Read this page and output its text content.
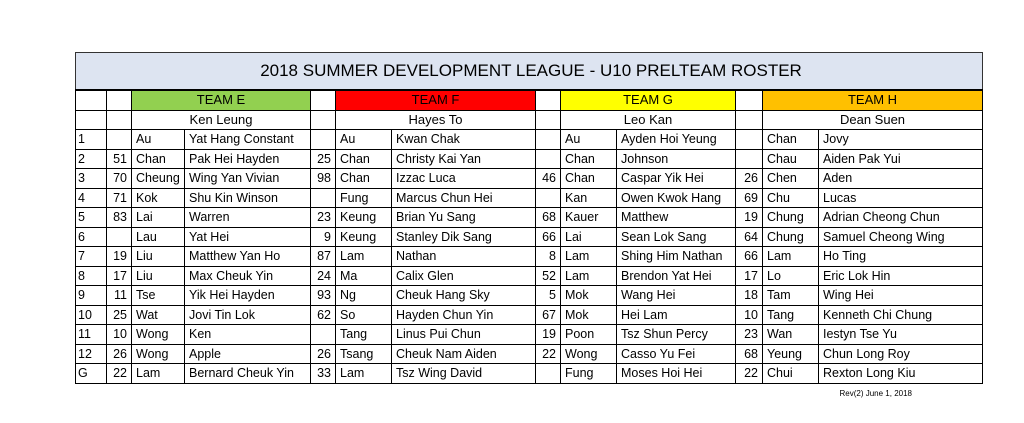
2018 SUMMER DEVELOPMENT LEAGUE - U10 PRELTEAM ROSTER												
		TEAM E			TEAM F			TEAM G			TEAM H	
		Ken Leung			Hayes To			Leo Kan			Dean Suen	
1		Au	Yat Hang Constant		Au	Kwan Chak		Au	Ayden Hoi Yeung		Chan	Jovy
2	51	Chan	Pak Hei Hayden	25	Chan	Christy Kai Yan		Chan	Johnson		Chau	Aiden Pak Yui
3	70	Cheung	Wing Yan Vivian	98	Chan	Izzac Luca	46	Chan	Caspar Yik Hei	26	Chen	Aden
4	71	Kok	Shu Kin Winson		Fung	Marcus Chun Hei		Kan	Owen Kwok Hang	69	Chu	Lucas
5	83	Lai	Warren	23	Keung	Brian Yu Sang	68	Kauer	Matthew	19	Chung	Adrian Cheong Chun
6		Lau	Yat Hei	9	Keung	Stanley Dik Sang	66	Lai	Sean Lok Sang	64	Chung	Samuel Cheong Wing
7	19	Liu	Matthew Yan Ho	87	Lam	Nathan	8	Lam	Shing Him Nathan	66	Lam	Ho Ting
8	17	Liu	Max Cheuk Yin	24	Ma	Calix Glen	52	Lam	Brendon Yat Hei	17	Lo	Eric Lok Hin
9	11	Tse	Yik Hei Hayden	93	Ng	Cheuk Hang Sky	5	Mok	Wang Hei	18	Tam	Wing Hei
10	25	Wat	Jovi Tin Lok	62	So	Hayden Chun Yin	67	Mok	Hei Lam	10	Tang	Kenneth Chi Chung
11	10	Wong	Ken		Tang	Linus Pui Chun	19	Poon	Tsz Shun Percy	23	Wan	Iestyn Tse Yu
12	26	Wong	Apple	26	Tsang	Cheuk Nam Aiden	22	Wong	Casso Yu Fei	68	Yeung	Chun Long Roy
G	22	Lam	Bernard Cheuk Yin	33	Lam	Tsz Wing David		Fung	Moses Hoi Hei	22	Chui	Rexton Long Kiu
Rev(2) June 1, 2018
